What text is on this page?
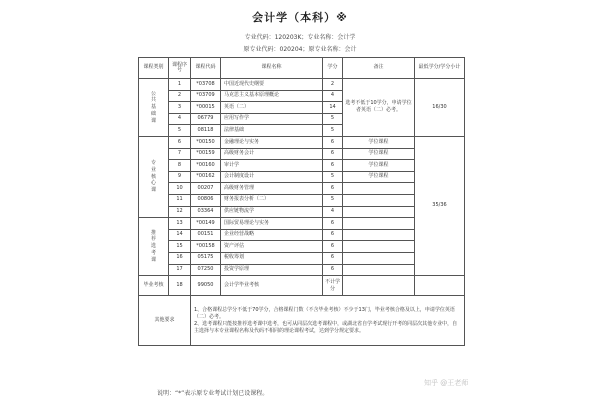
会计学（本科）※
专业代码：120203K；专业名称：会计学
原专业代码：020204；原专业名称：会计
课程类别	课程序号	课程代码	课程名称	学分	备注	最低学分/学分小计

公
共
基
础
课	1	*03708	中国近现代史纲要	2	选考不低于10学分，申请学位者英语（二）必考。	16/30
	2	*03709	马克思主义基本原理概论	4		
	3	*00015	英语（二）	14		
	4	06779	应用写作学	5		
	5	08118	法律基础	5		

专
业
核
心
课	6	*00150	金融理论与实务	6	学位课程	35/36
	7	*00159	高级财务会计	6	学位课程	
	8	*00160	审计学	6	学位课程	
	9	*00162	会计制度设计	5	学位课程	
	10	00207	高级财务管理	6		
	11	00806	财务报表分析（二）	5		
	12	03364	供应链物流学	4		

推
荐
选
考
课	13	*00149	国际贸易理论与实务	6		
	14	00151	企业经营战略	6		
	15	*00158	资产评估	6		
	16	05175	税收筹划	6		
	17	07250	投资学原理	6		
毕业考核	18	99050	会计学毕业考核	不计学分		
其他要求		1、合格课程总学分不低于70学分，合格课程门数（不含毕业考核）不少于13门，毕业考核合格及以上，申请学位英语（二）必考。
2、选考课程只能按推荐选考课中选考，也可从同层次选考课程中，或湖北省自学考试现行开考的同层次其他专业中，自主选择与本专业课程名称及代码不相同的理论课程考试，达到学分规定要求。				
说明：“*”表示原专业考试计划已设课程。
知乎 @王老师
